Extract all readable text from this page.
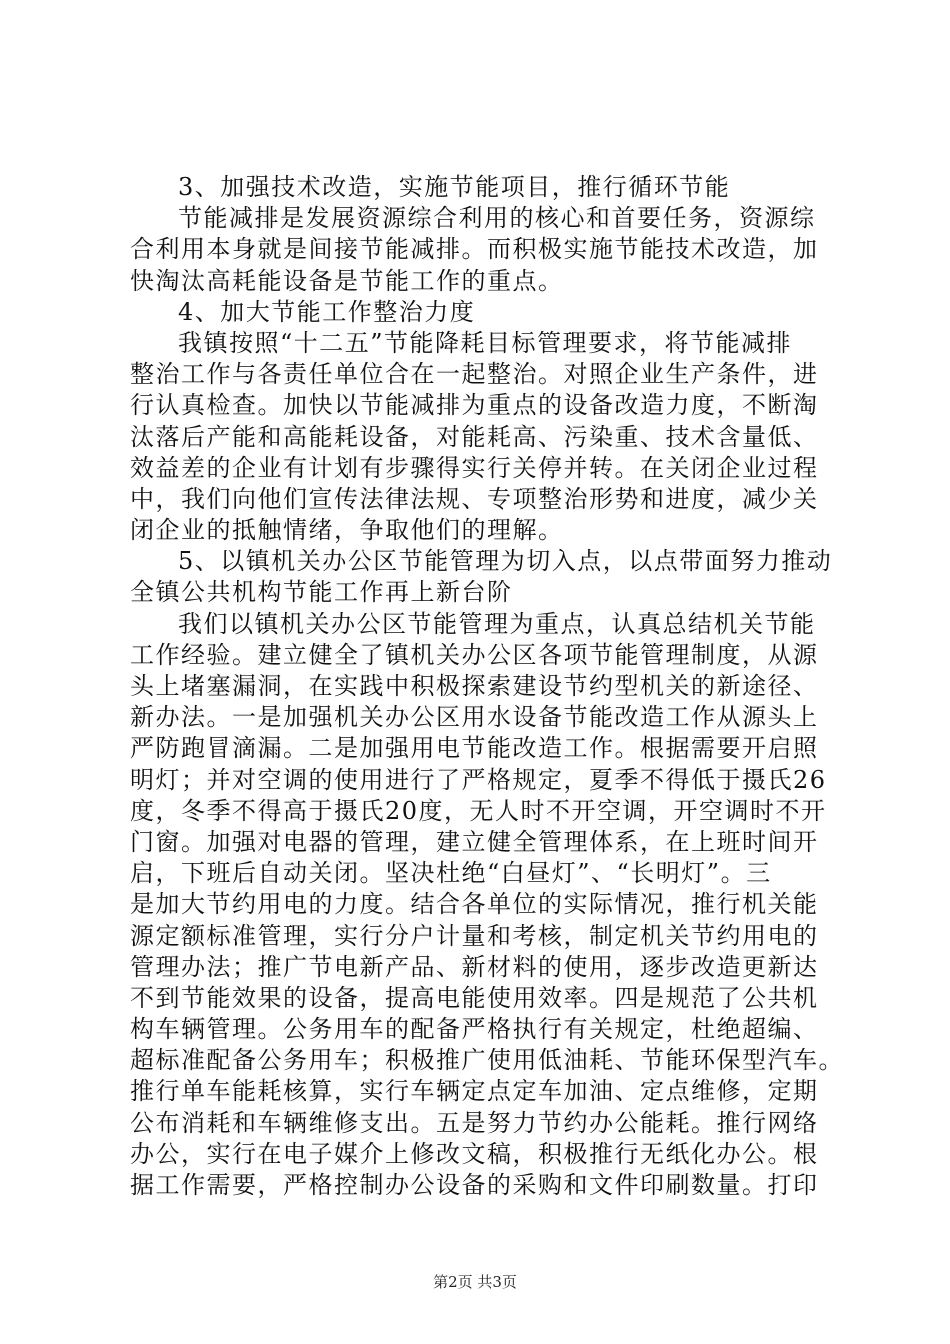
3、加强技术改造，实施节能项目，推行循环节能
节能减排是发展资源综合利用的核心和首要任务，资源综
合利用本身就是间接节能减排。而积极实施节能技术改造，加
快淘汰高耗能设备是节能工作的重点。
4、加大节能工作整治力度
我镇按照“十二五”节能降耗目标管理要求，将节能减排
整治工作与各责任单位合在一起整治。对照企业生产条件，进
行认真检查。加快以节能减排为重点的设备改造力度，不断淘
汰落后产能和高能耗设备，对能耗高、污染重、技术含量低、
效益差的企业有计划有步骤得实行关停并转。在关闭企业过程
中，我们向他们宣传法律法规、专项整治形势和进度，减少关
闭企业的抵触情绪，争取他们的理解。
5、以镇机关办公区节能管理为切入点，以点带面努力推动
全镇公共机构节能工作再上新台阶
我们以镇机关办公区节能管理为重点，认真总结机关节能
工作经验。建立健全了镇机关办公区各项节能管理制度，从源
头上堵塞漏洞，在实践中积极探索建设节约型机关的新途径、
新办法。一是加强机关办公区用水设备节能改造工作从源头上
严防跑冒滴漏。二是加强用电节能改造工作。根据需要开启照
明灯；并对空调的使用进行了严格规定，夏季不得低于摄氏26
度，冬季不得高于摄氏20度，无人时不开空调，开空调时不开
门窗。加强对电器的管理，建立健全管理体系，在上班时间开
启，下班后自动关闭。坚决杜绝“白昼灯”、“长明灯”。三
是加大节约用电的力度。结合各单位的实际情况，推行机关能
源定额标准管理，实行分户计量和考核，制定机关节约用电的
管理办法；推广节电新产品、新材料的使用，逐步改造更新达
不到节能效果的设备，提高电能使用效率。四是规范了公共机
构车辆管理。公务用车的配备严格执行有关规定，杜绝超编、
超标准配备公务用车；积极推广使用低油耗、节能环保型汽车。
推行单车能耗核算，实行车辆定点定车加油、定点维修，定期
公布消耗和车辆维修支出。五是努力节约办公能耗。推行网络
办公，实行在电子媒介上修改文稿，积极推行无纸化办公。根
据工作需要，严格控制办公设备的采购和文件印刷数量。打印
第2页 共3页
